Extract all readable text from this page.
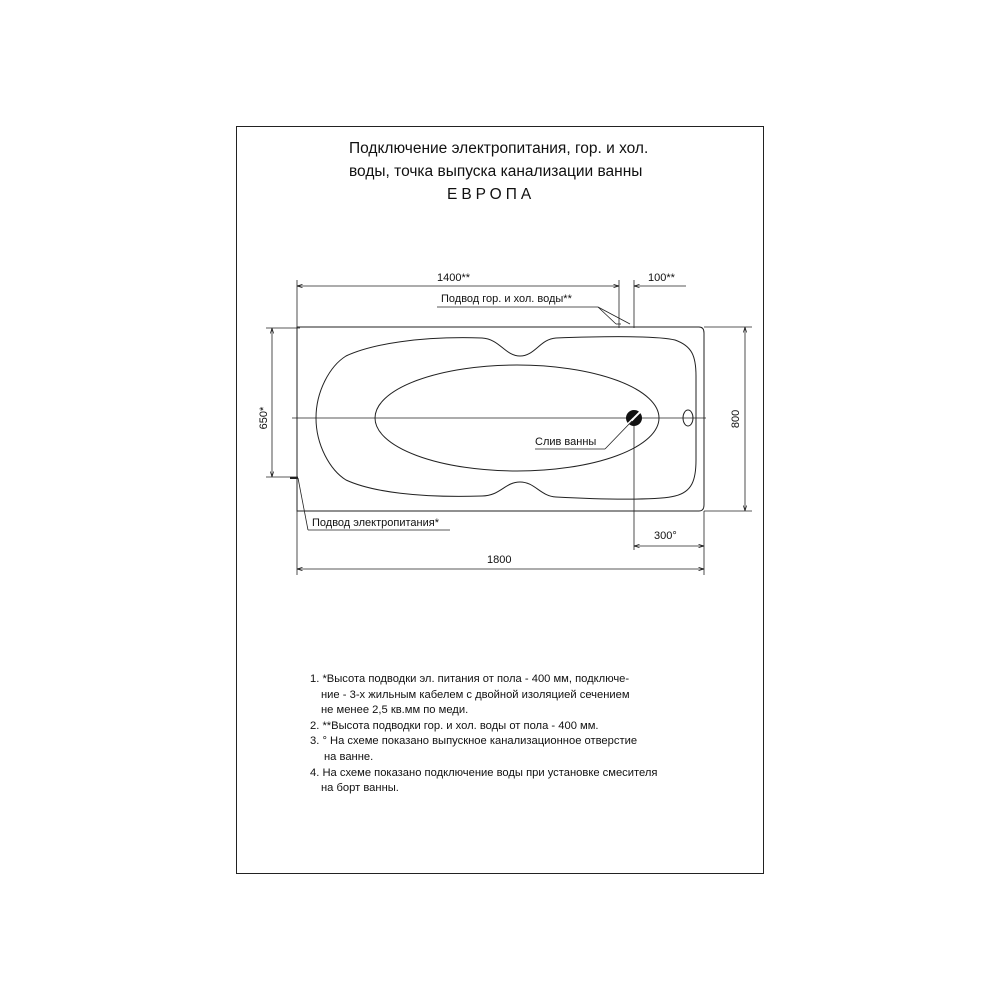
Подключение электропитания, гор. и хол.
воды, точка выпуска канализации ванны
ЕВРОПА
1400**	100**
Подвод гор. и хол. воды**
650*	800
Слив ванны
300°
Подвод электропитания*
1800
1. *Высота подводки эл. питания от пола - 400 мм, подключе-
ние - 3-х жильным кабелем с двойной изоляцией сечением
не менее 2,5 кв.мм по меди.
2. **Высота подводки гор. и хол. воды от пола - 400 мм.
3. ° На схеме показано выпускное канализационное отверстие
на ванне.
4. На схеме показано подключение воды при установке смесителя
на борт ванны.
